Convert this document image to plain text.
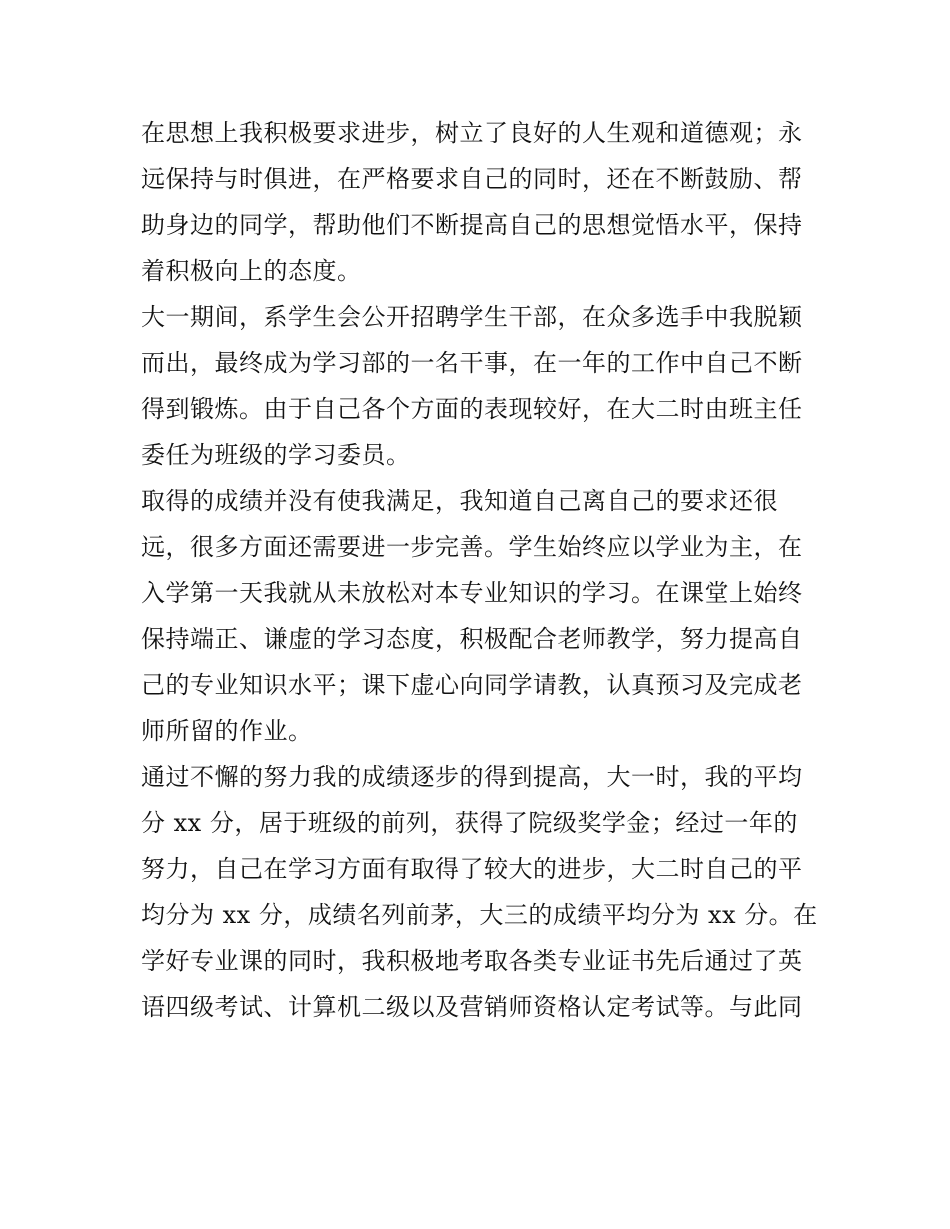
在思想上我积极要求进步，树立了良好的人生观和道德观；永
远保持与时俱进，在严格要求自己的同时，还在不断鼓励、帮
助身边的同学，帮助他们不断提高自己的思想觉悟水平，保持
着积极向上的态度。
大一期间，系学生会公开招聘学生干部，在众多选手中我脱颖
而出，最终成为学习部的一名干事，在一年的工作中自己不断
得到锻炼。由于自己各个方面的表现较好，在大二时由班主任
委任为班级的学习委员。
取得的成绩并没有使我满足，我知道自己离自己的要求还很
远，很多方面还需要进一步完善。学生始终应以学业为主，在
入学第一天我就从未放松对本专业知识的学习。在课堂上始终
保持端正、谦虚的学习态度，积极配合老师教学，努力提高自
己的专业知识水平；课下虚心向同学请教，认真预习及完成老
师所留的作业。
通过不懈的努力我的成绩逐步的得到提高，大一时，我的平均
分 xx 分，居于班级的前列，获得了院级奖学金；经过一年的
努力，自己在学习方面有取得了较大的进步，大二时自己的平
均分为 xx 分，成绩名列前茅，大三的成绩平均分为 xx 分。在
学好专业课的同时，我积极地考取各类专业证书先后通过了英
语四级考试、计算机二级以及营销师资格认定考试等。与此同
